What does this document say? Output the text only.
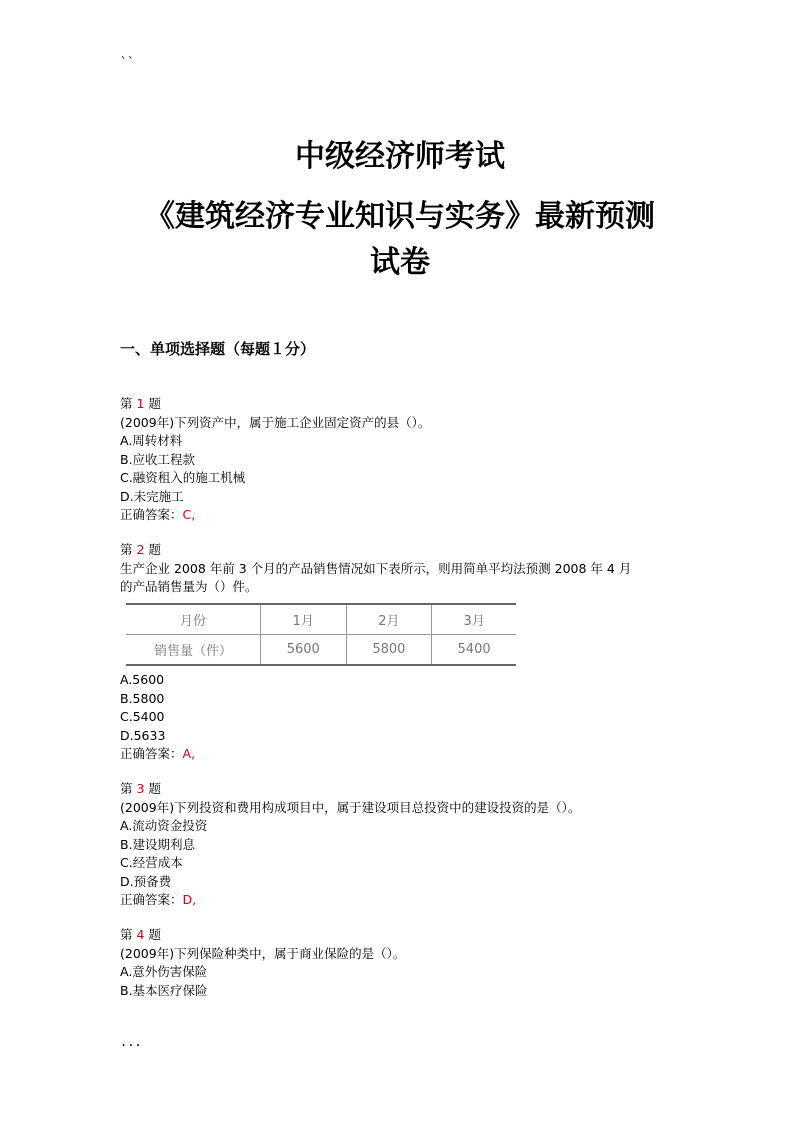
``
中级经济师考试
《建筑经济专业知识与实务》最新预测
试卷
一、单项选择题（每题１分）
第 1 题
(2009年)下列资产中，属于施工企业固定资产的县（）。
A.周转材料
B.应收工程款
C.融资租入的施工机械
D.未完施工
正确答案：C,
第 2 题
生产企业 2008 年前 3 个月的产品销售情况如下表所示，则用简单平均法预测 2008 年 4 月
的产品销售量为（）件。
月份	1月	2月	3月
销售量（件）	5600	5800	5400
A.5600
B.5800
C.5400
D.5633
正确答案：A,
第 3 题
(2009年)下列投资和费用构成项目中，属于建设项目总投资中的建设投资的是（）。
A.流动资金投资
B.建设期利息
C.经营成本
D.预备费
正确答案：D,
第 4 题
(2009年)下列保险种类中，属于商业保险的是（）。
A.意外伤害保险
B.基本医疗保险
...
